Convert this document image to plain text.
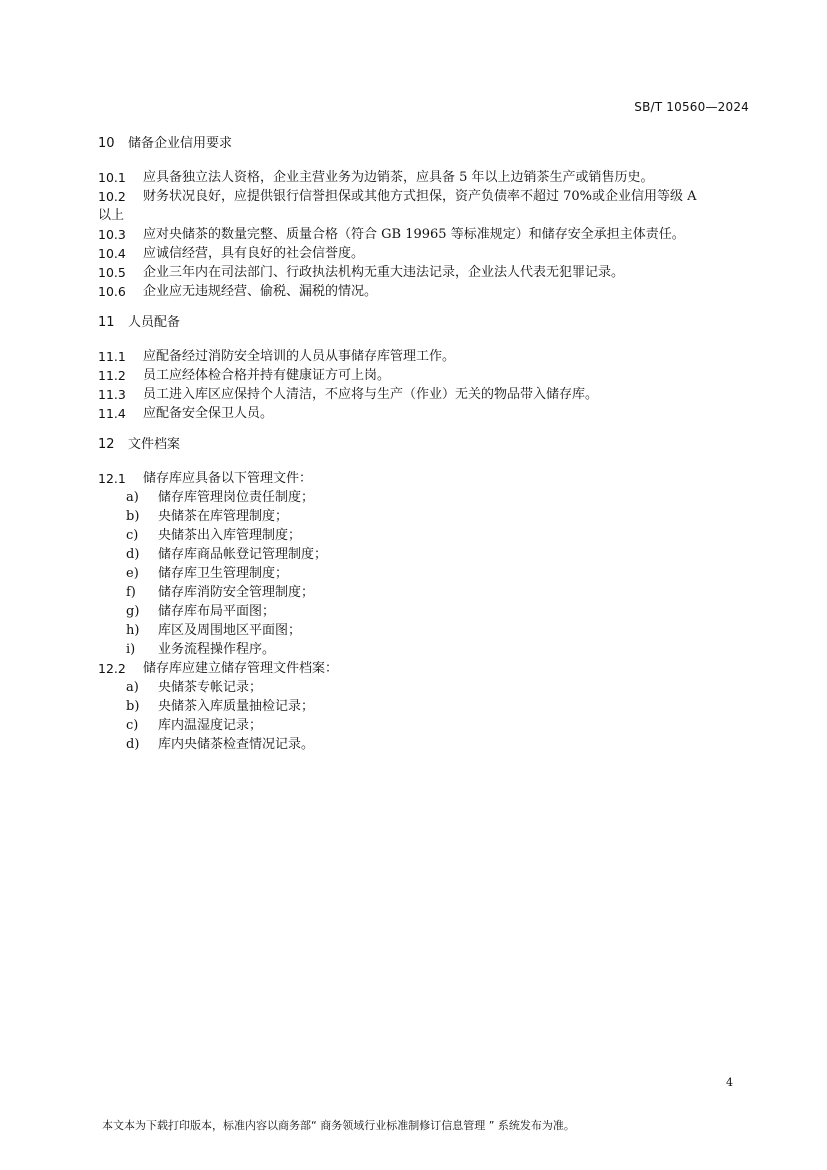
SB/T 10560—2024
10 储备企业信用要求
10.1	应具备独立法人资格，企业主营业务为边销茶，应具备 5 年以上边销茶生产或销售历史。
10.2	财务状况良好，应提供银行信誉担保或其他方式担保，资产负债率不超过 70%或企业信用等级 A
以上
10.3	应对央储茶的数量完整、质量合格（符合 GB 19965 等标准规定）和储存安全承担主体责任。
10.4	应诚信经营，具有良好的社会信誉度。
10.5	企业三年内在司法部门、行政执法机构无重大违法记录，企业法人代表无犯罪记录。
10.6	企业应无违规经营、偷税、漏税的情况。
11 人员配备
11.1	应配备经过消防安全培训的人员从事储存库管理工作。
11.2	员工应经体检合格并持有健康证方可上岗。
11.3	员工进入库区应保持个人清洁，不应将与生产（作业）无关的物品带入储存库。
11.4	应配备安全保卫人员。
12 文件档案
12.1	储存库应具备以下管理文件：
a)	储存库管理岗位责任制度；
b)	央储茶在库管理制度；
c)	央储茶出入库管理制度；
d)	储存库商品帐登记管理制度；
e)	储存库卫生管理制度；
f)	储存库消防安全管理制度；
g)	储存库布局平面图；
h)	库区及周围地区平面图；
i)	业务流程操作程序。
12.2	储存库应建立储存管理文件档案：
a)	央储茶专帐记录；
b)	央储茶入库质量抽检记录；
c)	库内温湿度记录；
d)	库内央储茶检查情况记录。
4
本文本为下载打印版本，标准内容以商务部“ 商务领域行业标准制修订信息管理 ” 系统发布为准。
